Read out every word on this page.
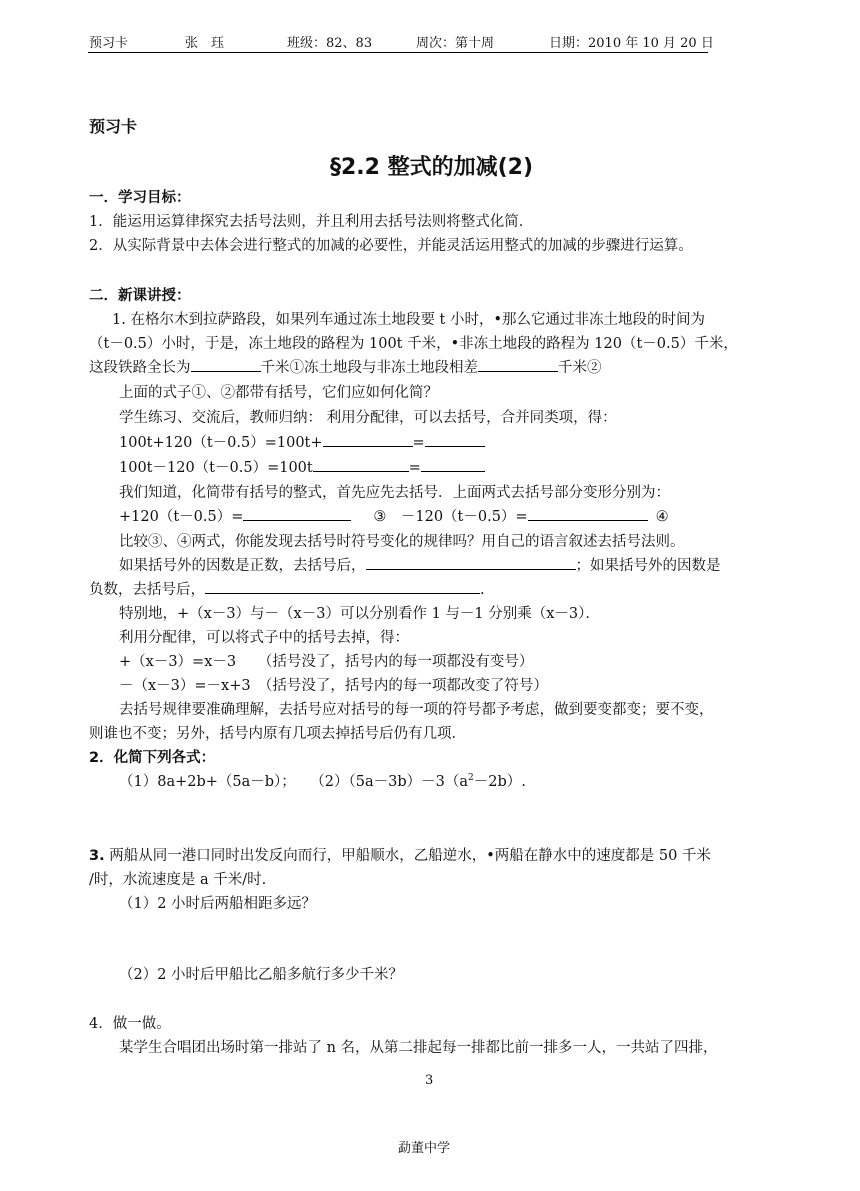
预习卡	张　珏	班级：82、83	周次：第十周	日期：2010 年 10 月 20 日
预习卡
§2.2 整式的加减(2)
一．学习目标：
1．能运用运算律探究去括号法则，并且利用去括号法则将整式化简．
2．从实际背景中去体会进行整式的加减的必要性，并能灵活运用整式的加减的步骤进行运算。
二．新课讲授：
1. 在格尔木到拉萨路段，如果列车通过冻土地段要 t 小时，•那么它通过非冻土地段的时间为
（t－0.5）小时，于是，冻土地段的路程为 100t 千米，•非冻土地段的路程为 120（t－0.5）千米，
这段铁路全长为	千米①冻土地段与非冻土地段相差	千米②
上面的式子①、②都带有括号，它们应如何化简？
学生练习、交流后，教师归纳： 利用分配律，可以去括号，合并同类项，得：
100t+120（t－0.5）=100t+	=
100t－120（t－0.5）=100t	=
我们知道，化简带有括号的整式，首先应先去括号．上面两式去括号部分变形分别为：
+120（t－0.5）=	③　－120（t－0.5）=	④
比较③、④两式，你能发现去括号时符号变化的规律吗？用自己的语言叙述去括号法则。
如果括号外的因数是正数，去括号后，	；如果括号外的因数是
负数，去括号后，	.
特别地，+（x－3）与－（x－3）可以分别看作 1 与－1 分别乘（x－3）．
利用分配律，可以将式子中的括号去掉，得：
+（x－3）=x－3　　（括号没了，括号内的每一项都没有变号）
－（x－3）=－x+3　（括号没了，括号内的每一项都改变了符号）
去括号规律要准确理解，去括号应对括号的每一项的符号都予考虑，做到要变都变；要不变，
则谁也不变；另外，括号内原有几项去掉括号后仍有几项．
2．化简下列各式：
（1）8a+2b+（5a－b）；　　$(2)(5a-3b)-3(a^2-2b)$.
3. 两船从同一港口同时出发反向而行，甲船顺水，乙船逆水，•两船在静水中的速度都是 50 千米
/时，水流速度是 a 千米/时.
（1）2 小时后两船相距多远？
（2）2 小时后甲船比乙船多航行多少千米？
4．做一做。
某学生合唱团出场时第一排站了 n 名，从第二排起每一排都比前一排多一人，一共站了四排，
3
勐董中学
